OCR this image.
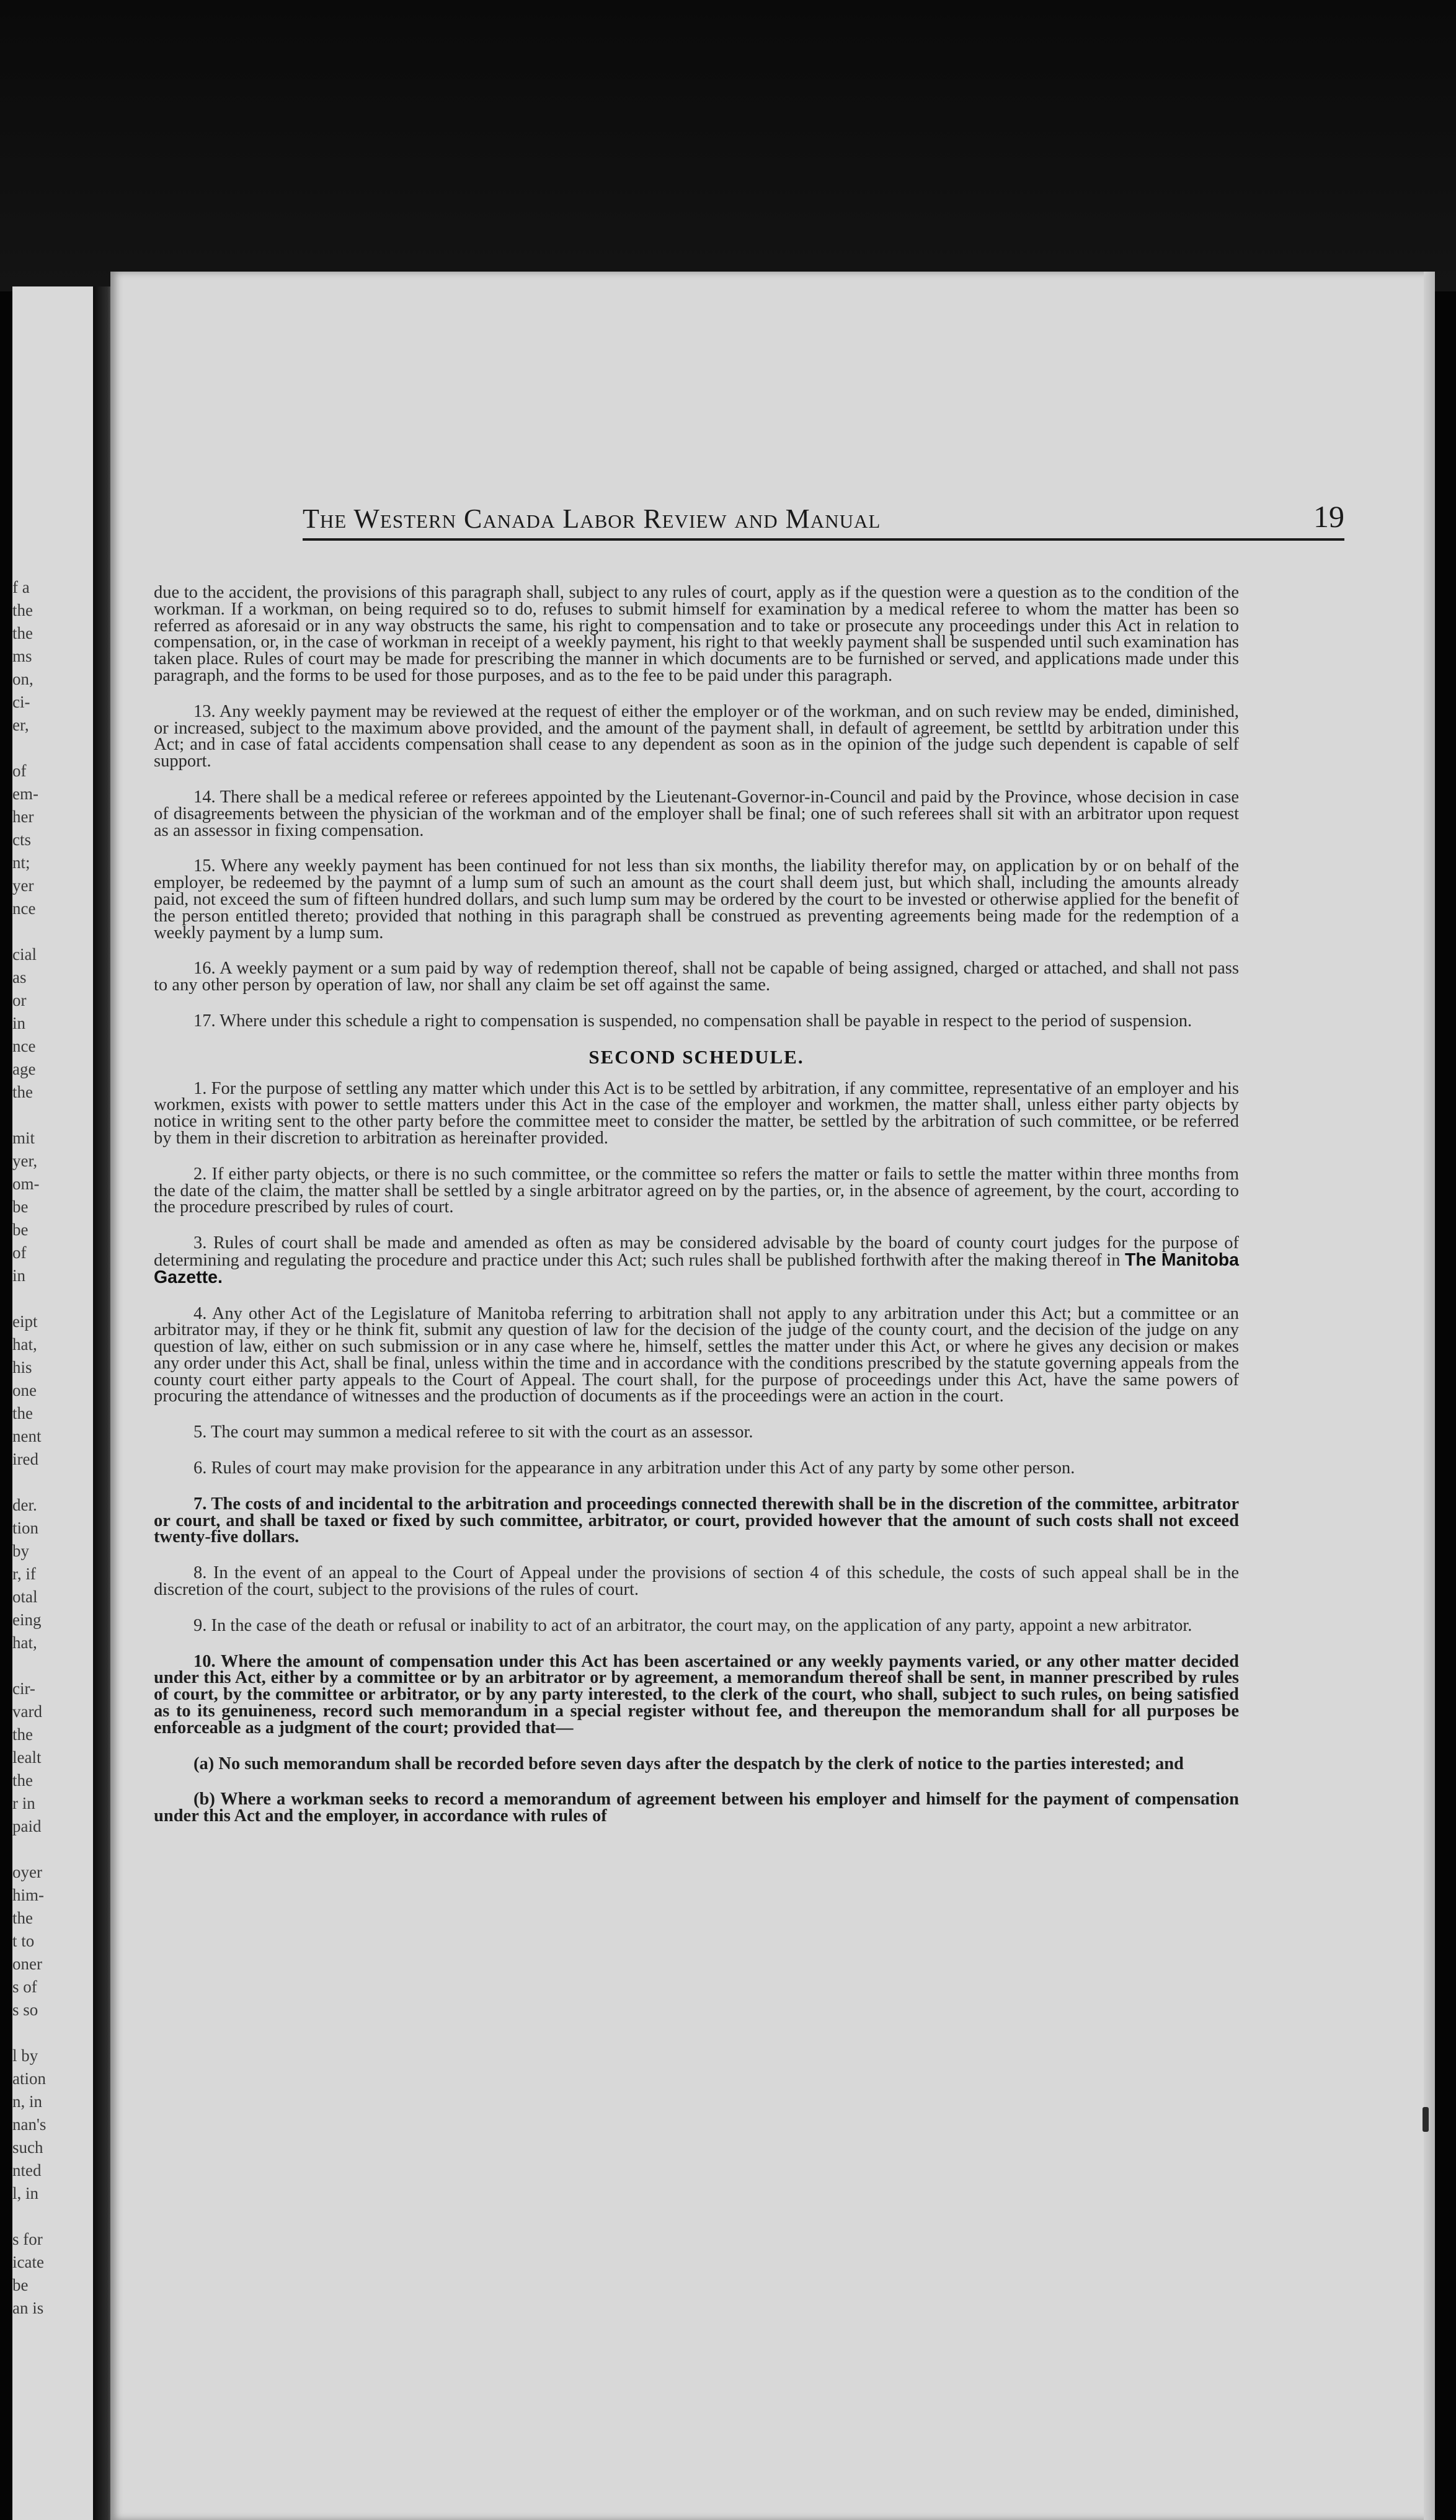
f a
the
the
ms
on,
ci-
er,
of
em-
her
cts
nt;
yer
nce
cial
as
or
in
nce
age
the
mit
yer,
om-
be
be
of
in
eipt
hat,
his
one
the
nent
ired
der.
tion
by
r, if
otal
eing
hat,
cir-
vard
the
lealt
the
r in
paid
oyer
him-
the
t to
oner
s of
s so
l by
ation
n, in
nan's
such
nted
l, in
s for
icate
be
an is
The Western Canada Labor Review and Manual	19

due to the accident, the provisions of this paragraph shall, subject to any rules of court, apply as if the question were a question as to the condition of the workman. If a workman, on being required so to do, refuses to submit himself for examination by a medical referee to whom the matter has been so referred as aforesaid or in any way obstructs the same, his right to compensation and to take or prosecute any proceedings under this Act in relation to compensation, or, in the case of workman in receipt of a weekly payment, his right to that weekly payment shall be suspended until such examination has taken place. Rules of court may be made for prescribing the manner in which documents are to be furnished or served, and applications made under this paragraph, and the forms to be used for those purposes, and as to the fee to be paid under this paragraph.

13. Any weekly payment may be reviewed at the request of either the employer or of the workman, and on such review may be ended, diminished, or increased, subject to the maximum above provided, and the amount of the payment shall, in default of agreement, be settltd by arbitration under this Act; and in case of fatal accidents compensation shall cease to any dependent as soon as in the opinion of the judge such dependent is capable of self support.

14. There shall be a medical referee or referees appointed by the Lieutenant-Governor-in-Council and paid by the Province, whose decision in case of disagreements between the physician of the workman and of the employer shall be final; one of such referees shall sit with an arbitrator upon request as an assessor in fixing compensation.

15. Where any weekly payment has been continued for not less than six months, the liability therefor may, on application by or on behalf of the employer, be redeemed by the paymnt of a lump sum of such an amount as the court shall deem just, but which shall, including the amounts already paid, not exceed the sum of fifteen hundred dollars, and such lump sum may be ordered by the court to be invested or otherwise applied for the benefit of the person entitled thereto; provided that nothing in this paragraph shall be construed as preventing agreements being made for the redemption of a weekly payment by a lump sum.

16. A weekly payment or a sum paid by way of redemption thereof, shall not be capable of being assigned, charged or attached, and shall not pass to any other person by operation of law, nor shall any claim be set off against the same.

17. Where under this schedule a right to compensation is suspended, no compensation shall be payable in respect to the period of suspension.

SECOND SCHEDULE.

1. For the purpose of settling any matter which under this Act is to be settled by arbitration, if any committee, representative of an employer and his workmen, exists with power to settle matters under this Act in the case of the employer and workmen, the matter shall, unless either party objects by notice in writing sent to the other party before the committee meet to consider the matter, be settled by the arbitration of such committee, or be referred by them in their discretion to arbitration as hereinafter provided.

2. If either party objects, or there is no such committee, or the committee so refers the matter or fails to settle the matter within three months from the date of the claim, the matter shall be settled by a single arbitrator agreed on by the parties, or, in the absence of agreement, by the court, according to the procedure prescribed by rules of court.

3. Rules of court shall be made and amended as often as may be considered advisable by the board of county court judges for the purpose of determining and regulating the procedure and practice under this Act; such rules shall be published forthwith after the making thereof in The Manitoba Gazette.

4. Any other Act of the Legislature of Manitoba referring to arbitration shall not apply to any arbitration under this Act; but a committee or an arbitrator may, if they or he think fit, submit any question of law for the decision of the judge of the county court, and the decision of the judge on any question of law, either on such submission or in any case where he, himself, settles the matter under this Act, or where he gives any decision or makes any order under this Act, shall be final, unless within the time and in accordance with the conditions prescribed by the statute governing appeals from the county court either party appeals to the Court of Appeal. The court shall, for the purpose of proceedings under this Act, have the same powers of procuring the attendance of witnesses and the production of documents as if the proceedings were an action in the court.

5. The court may summon a medical referee to sit with the court as an assessor.

6. Rules of court may make provision for the appearance in any arbitration under this Act of any party by some other person.

7. The costs of and incidental to the arbitration and proceedings connected therewith shall be in the discretion of the committee, arbitrator or court, and shall be taxed or fixed by such committee, arbitrator, or court, provided however that the amount of such costs shall not exceed twenty-five dollars.

8. In the event of an appeal to the Court of Appeal under the provisions of section 4 of this schedule, the costs of such appeal shall be in the discretion of the court, subject to the provisions of the rules of court.

9. In the case of the death or refusal or inability to act of an arbitrator, the court may, on the application of any party, appoint a new arbitrator.

10. Where the amount of compensation under this Act has been ascertained or any weekly payments varied, or any other matter decided under this Act, either by a committee or by an arbitrator or by agreement, a memorandum thereof shall be sent, in manner prescribed by rules of court, by the committee or arbitrator, or by any party interested, to the clerk of the court, who shall, subject to such rules, on being satisfied as to its genuineness, record such memorandum in a special register without fee, and thereupon the memorandum shall for all purposes be enforceable as a judgment of the court; provided that—

(a) No such memorandum shall be recorded before seven days after the despatch by the clerk of notice to the parties interested; and

(b) Where a workman seeks to record a memorandum of agreement between his employer and himself for the payment of compensation under this Act and the employer, in accordance with rules of
